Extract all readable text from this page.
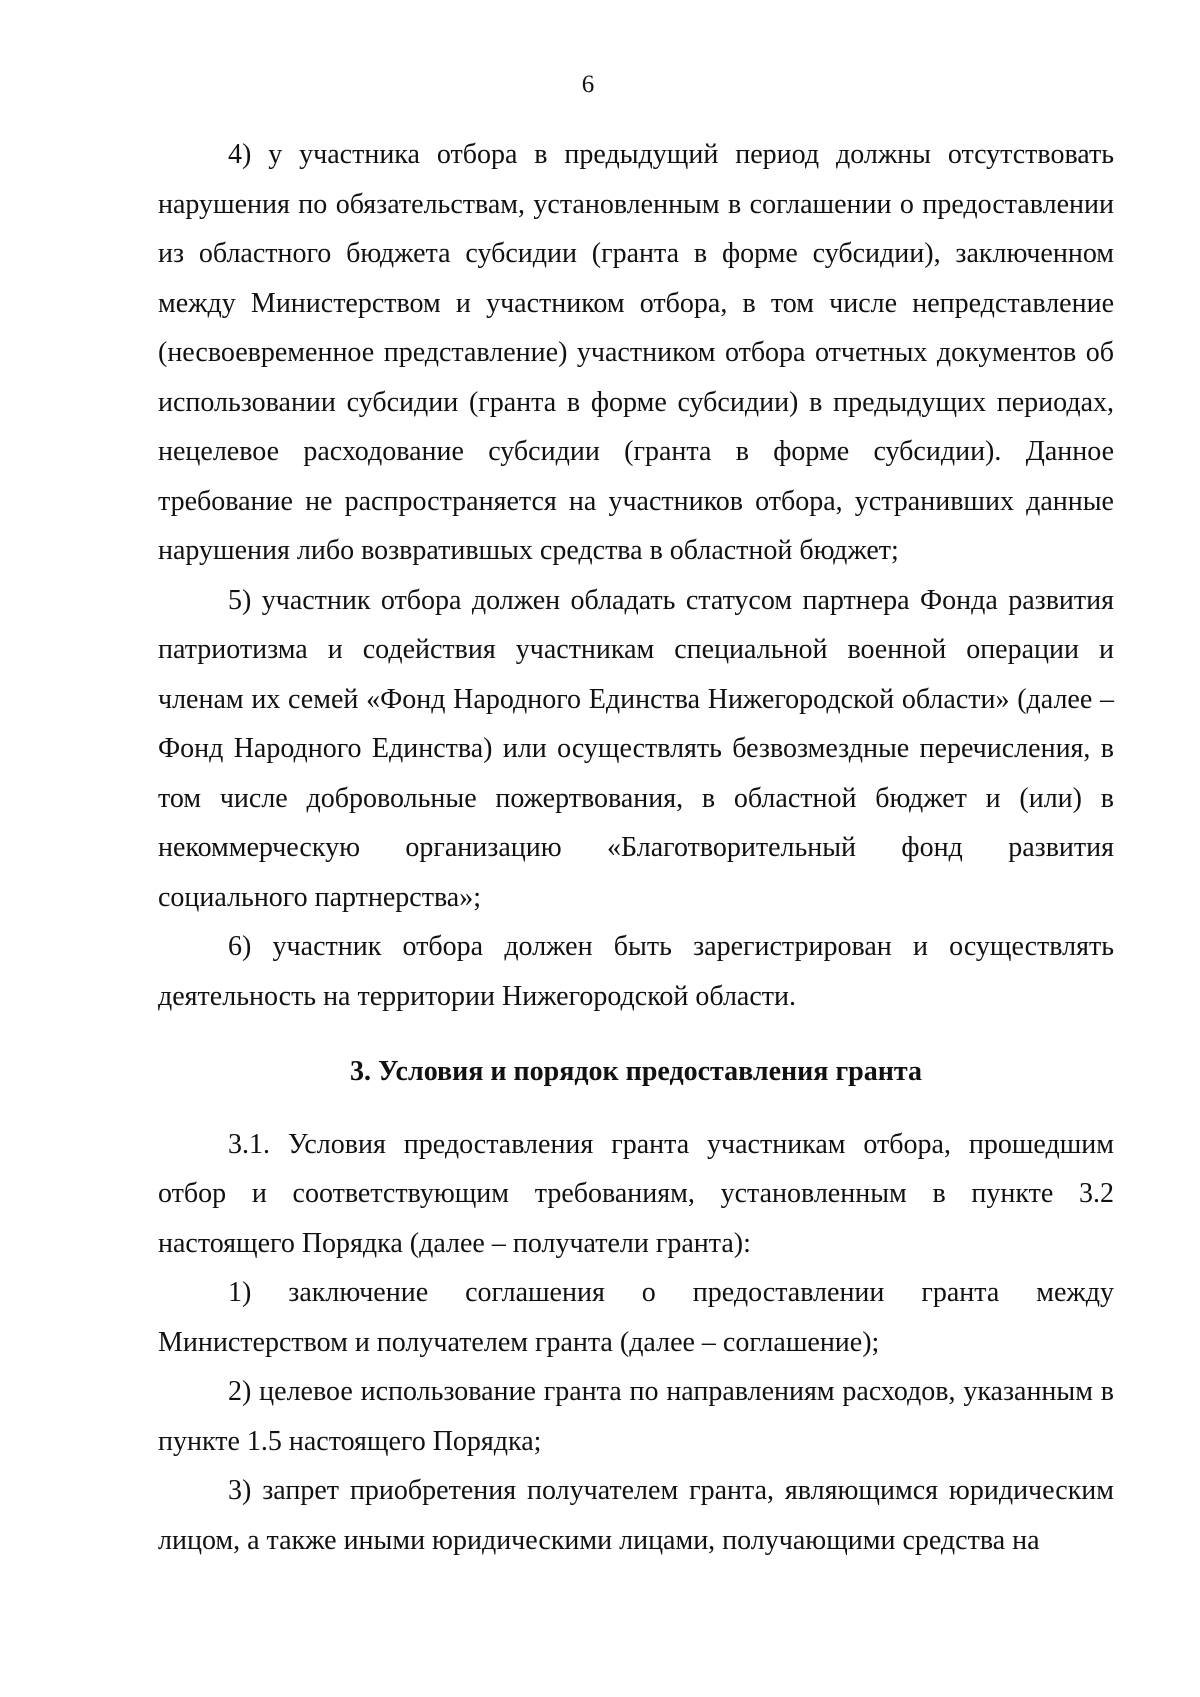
6

4) у участника отбора в предыдущий период должны отсутствовать нарушения по обязательствам, установленным в соглашении о предоставлении из областного бюджета субсидии (гранта в форме субсидии), заключенном между Министерством и участником отбора, в том числе непредставление (несвоевременное представление) участником отбора отчетных документов об использовании субсидии (гранта в форме субсидии) в предыдущих периодах, нецелевое расходование субсидии (гранта в форме субсидии). Данное требование не распространяется на участников отбора, устранивших данные нарушения либо возвратившых средства в областной бюджет;

5) участник отбора должен обладать статусом партнера Фонда развития патриотизма и содействия участникам специальной военной операции и членам их семей «Фонд Народного Единства Нижегородской области» (далее – Фонд Народного Единства) или осуществлять безвозмездные перечисления, в том числе добровольные пожертвования, в областной бюджет и (или) в некоммерческую организацию «Благотворительный фонд развития социального партнерства»;

6) участник отбора должен быть зарегистрирован и осуществлять деятельность на территории Нижегородской области.

3. Условия и порядок предоставления гранта

3.1. Условия предоставления гранта участникам отбора, прошедшим отбор и соответствующим требованиям, установленным в пункте 3.2 настоящего Порядка (далее – получатели гранта):

1) заключение соглашения о предоставлении гранта между Министерством и получателем гранта (далее – соглашение);

2) целевое использование гранта по направлениям расходов, указанным в пункте 1.5 настоящего Порядка;

3) запрет приобретения получателем гранта, являющимся юридическим лицом, а также иными юридическими лицами, получающими средства на
